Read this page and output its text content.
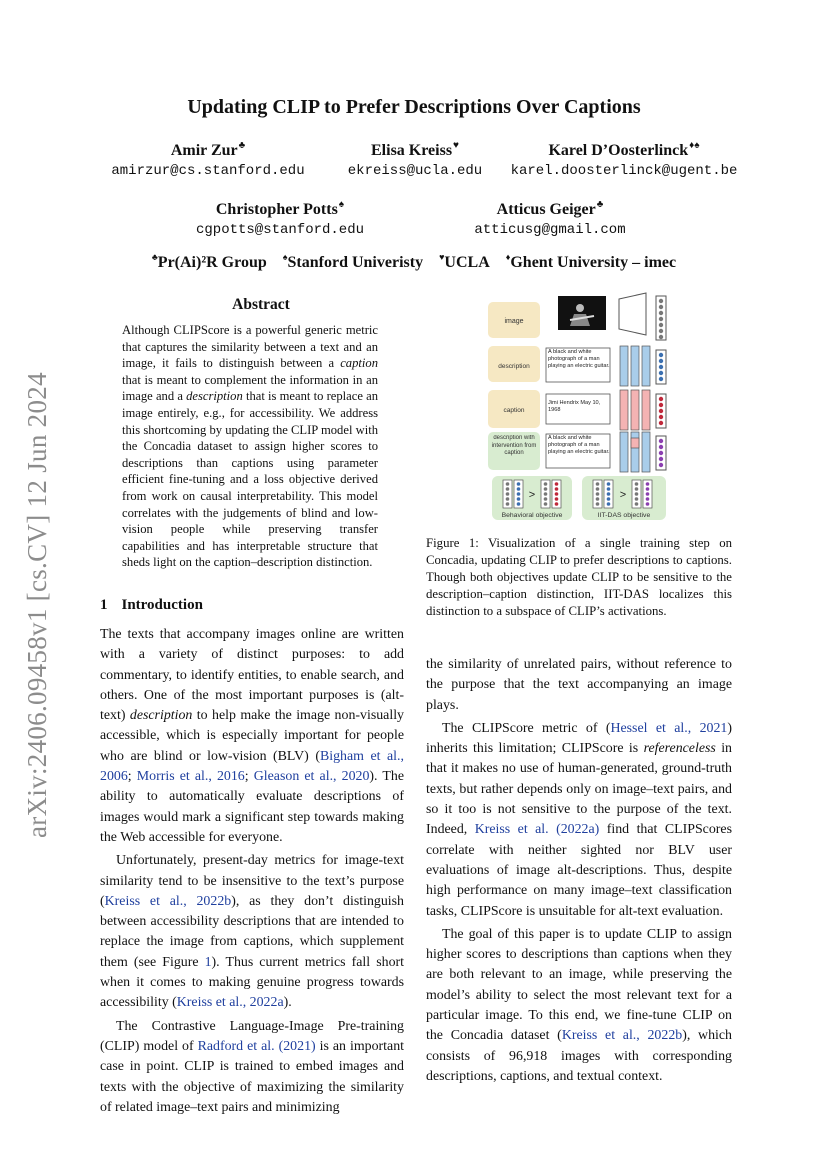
Updating CLIP to Prefer Descriptions Over Captions
Amir Zur♣
amirzur@cs.stanford.edu
Elisa Kreiss♥
ekreiss@ucla.edu
Karel D’Oosterlinck♦♠
karel.doosterlinck@ugent.be
Christopher Potts♠
cgpotts@stanford.edu
Atticus Geiger♣
atticusg@gmail.com
♣Pr(Ai)²R Group ♠Stanford Univeristy ♥UCLA ♦Ghent University – imec
arXiv:2406.09458v1 [cs.CV] 12 Jun 2024
Abstract
Although CLIPScore is a powerful generic metric that captures the similarity between a text and an image, it fails to distinguish between a caption that is meant to complement the information in an image and a description that is meant to replace an image entirely, e.g., for accessibility. We address this shortcoming by updating the CLIP model with the Concadia dataset to assign higher scores to descriptions than captions using parameter efficient fine-tuning and a loss objective derived from work on causal interpretability. This model correlates with the judgements of blind and low-vision people while preserving transfer capabilities and has interpretable structure that sheds light on the caption–description distinction.
1 Introduction

The texts that accompany images online are written with a variety of distinct purposes: to add commentary, to identify entities, to enable search, and others. One of the most important purposes is (alt-text) description to help make the image non-visually accessible, which is especially important for people who are blind or low-vision (BLV) (Bigham et al., 2006; Morris et al., 2016; Gleason et al., 2020). The ability to automatically evaluate descriptions of images would mark a significant step towards making the Web accessible for everyone.

Unfortunately, present-day metrics for image-text similarity tend to be insensitive to the text’s purpose (Kreiss et al., 2022b), as they don’t distinguish between accessibility descriptions that are intended to replace the image from captions, which supplement them (see Figure 1). Thus current metrics fall short when it comes to making genuine progress towards accessibility (Kreiss et al., 2022a).

The Contrastive Language-Image Pre-training (CLIP) model of Radford et al. (2021) is an important case in point. CLIP is trained to embed images and texts with the objective of maximizing the similarity of related image–text pairs and minimizing

image
description
caption
description with intervention from caption
A black and white photograph of a man playing an electric guitar.
Jimi Hendrix May 10, 1968
A black and white photograph of a man playing an electric guitar.
>
Behavioral objective
>
IIT-DAS objective
Figure 1: Visualization of a single training step on Concadia, updating CLIP to prefer descriptions to captions. Though both objectives update CLIP to be sensitive to the description–caption distinction, IIT-DAS localizes this distinction to a subspace of CLIP’s activations.

the similarity of unrelated pairs, without reference to the purpose that the text accompanying an image plays.

The CLIPScore metric of (Hessel et al., 2021) inherits this limitation; CLIPScore is referenceless in that it makes no use of human-generated, ground-truth texts, but rather depends only on image–text pairs, and so it too is not sensitive to the purpose of the text. Indeed, Kreiss et al. (2022a) find that CLIPScores correlate with neither sighted nor BLV user evaluations of image alt-descriptions. Thus, despite high performance on many image–text classification tasks, CLIPScore is unsuitable for alt-text evaluation.

The goal of this paper is to update CLIP to assign higher scores to descriptions than captions when they are both relevant to an image, while preserving the model’s ability to select the most relevant text for a particular image. To this end, we fine-tune CLIP on the Concadia dataset (Kreiss et al., 2022b), which consists of 96,918 images with corresponding descriptions, captions, and textual context.
